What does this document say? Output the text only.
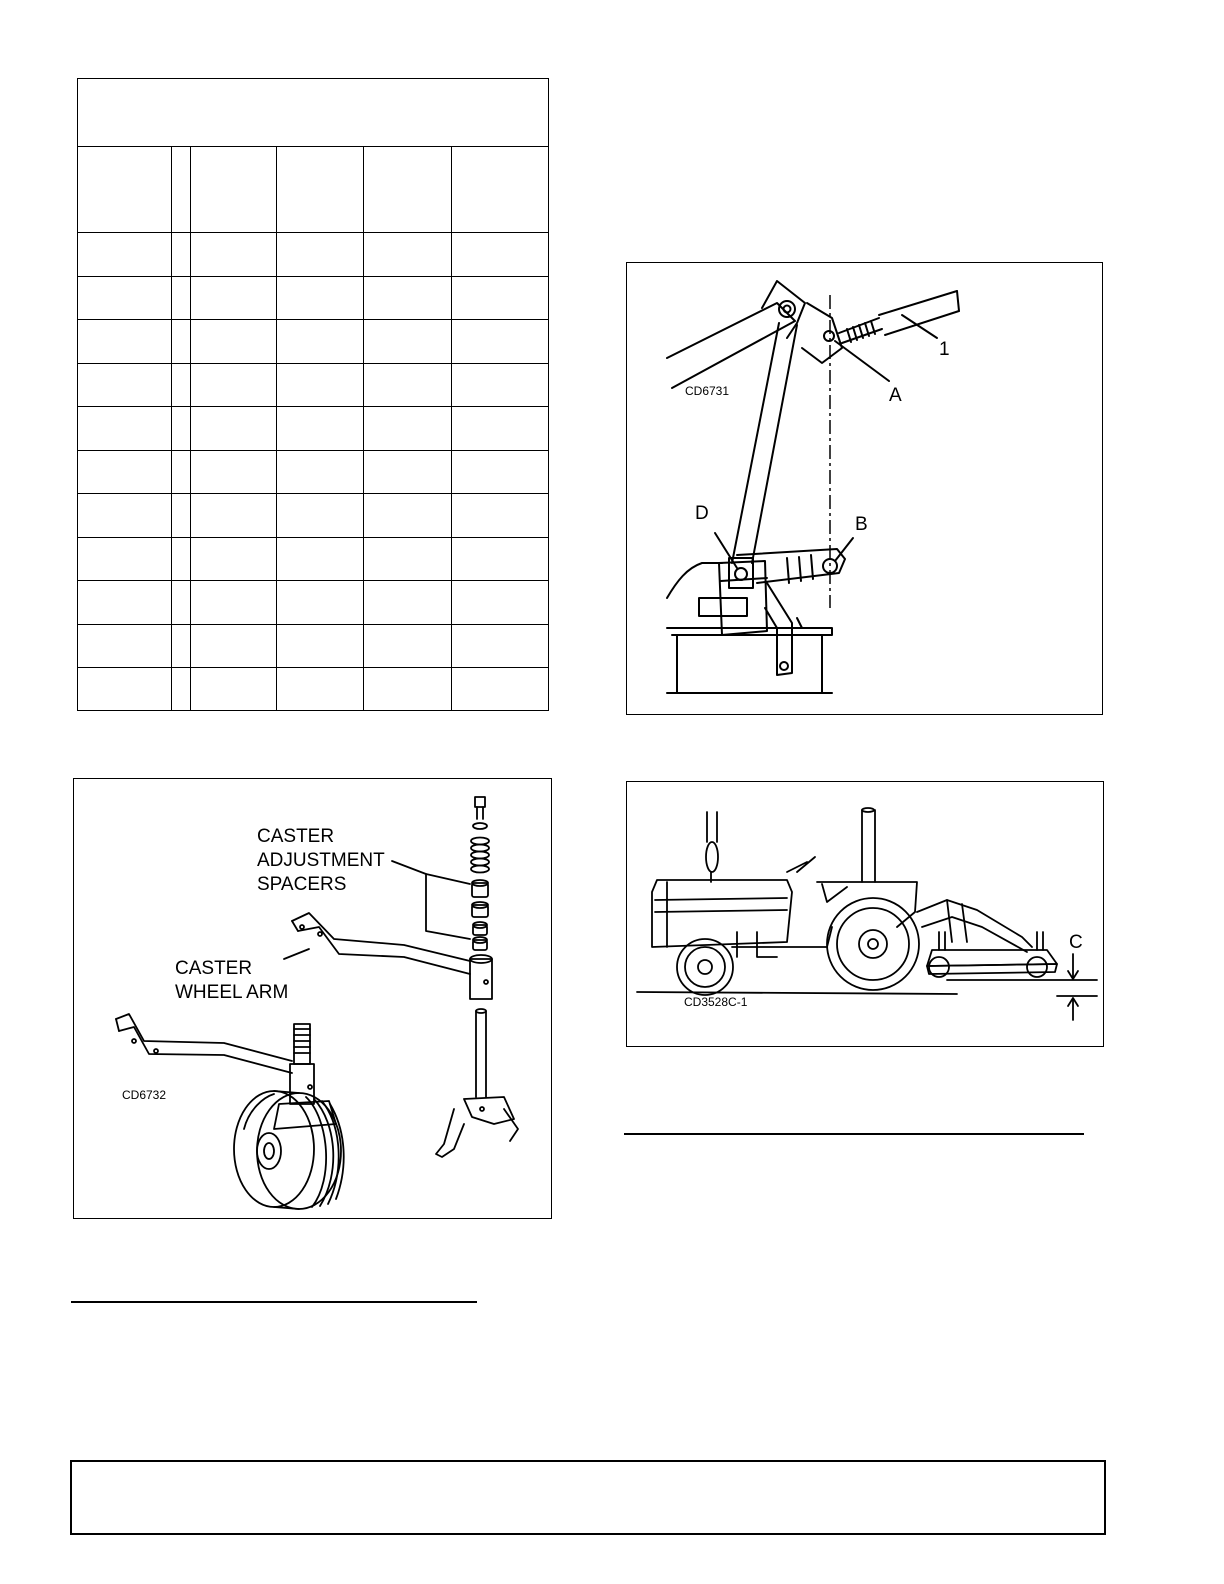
CD6731
1
A
B
D
CASTER
ADJUSTMENT
SPACERS
CASTER
WHEEL ARM
CD6732
C
CD3528C-1
